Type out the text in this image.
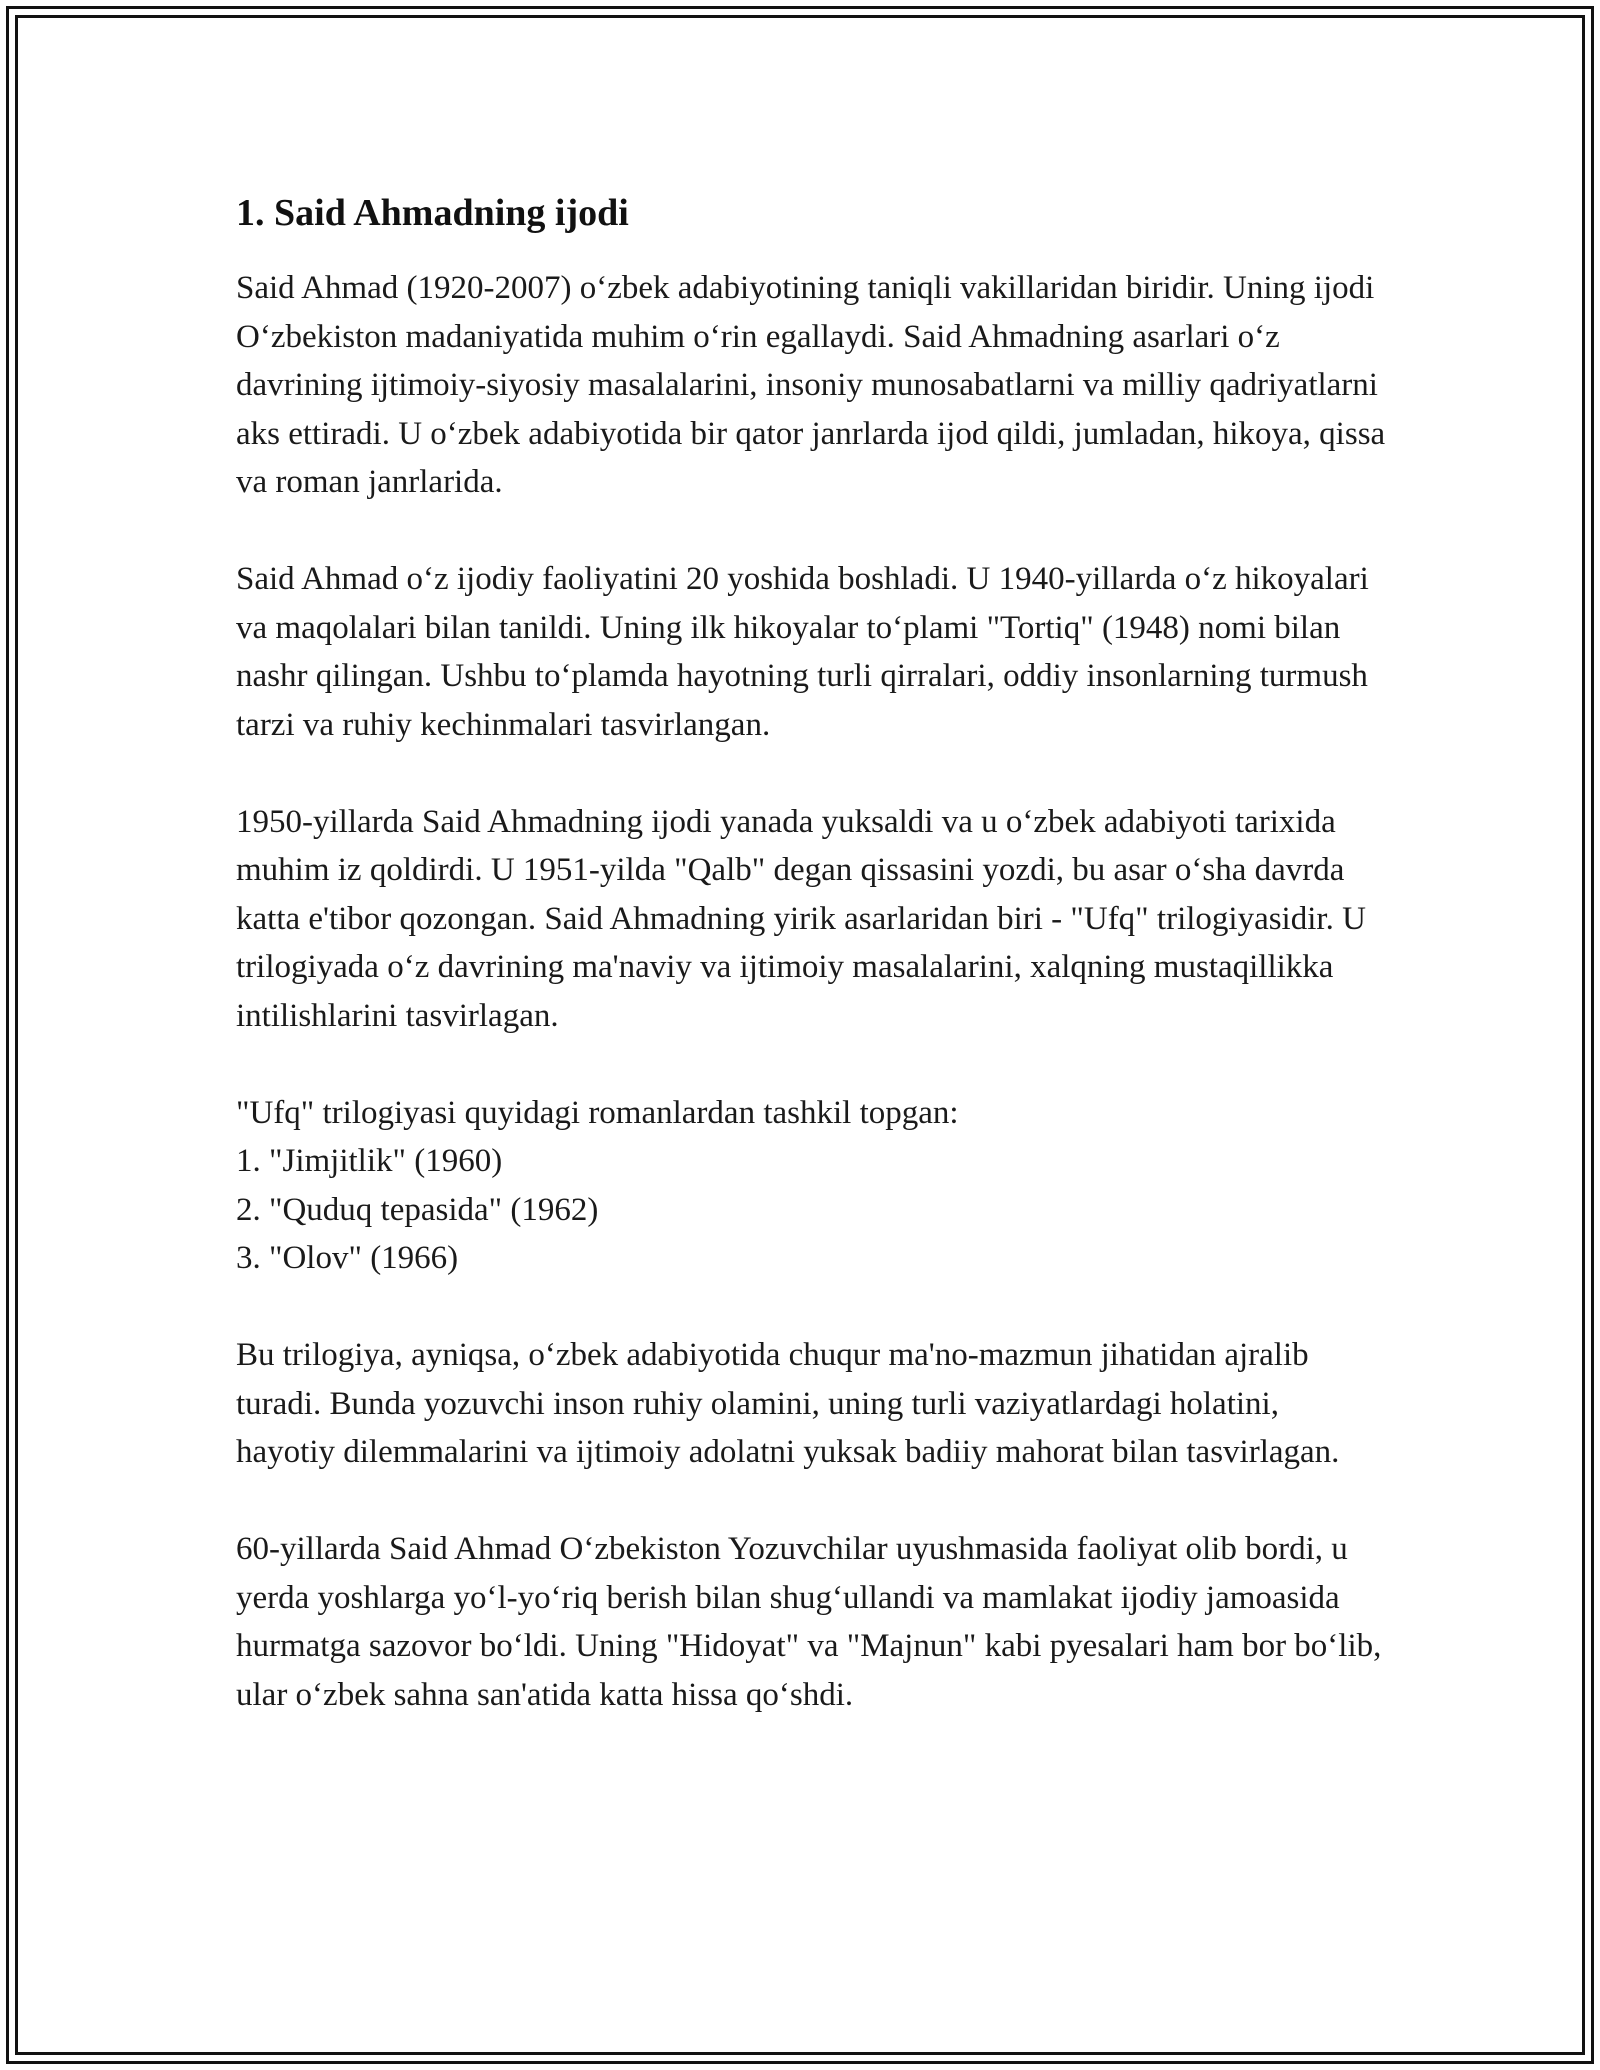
1. Said Ahmadning ijodi

Said Ahmad (1920-2007) o‘zbek adabiyotining taniqli vakillaridan biridir. Uning ijodi O‘zbekiston madaniyatida muhim o‘rin egallaydi. Said Ahmadning asarlari o‘z davrining ijtimoiy-siyosiy masalalarini, insoniy munosabatlarni va milliy qadriyatlarni aks ettiradi. U o‘zbek adabiyotida bir qator janrlarda ijod qildi, jumladan, hikoya, qissa va roman janrlarida.

Said Ahmad o‘z ijodiy faoliyatini 20 yoshida boshladi. U 1940-yillarda o‘z hikoyalari va maqolalari bilan tanildi. Uning ilk hikoyalar to‘plami "Tortiq" (1948) nomi bilan nashr qilingan. Ushbu to‘plamda hayotning turli qirralari, oddiy insonlarning turmush tarzi va ruhiy kechinmalari tasvirlangan.

1950-yillarda Said Ahmadning ijodi yanada yuksaldi va u o‘zbek adabiyoti tarixida muhim iz qoldirdi. U 1951-yilda "Qalb" degan qissasini yozdi, bu asar o‘sha davrda katta e'tibor qozongan. Said Ahmadning yirik asarlaridan biri - "Ufq" trilogiyasidir. U trilogiyada o‘z davrining ma'naviy va ijtimoiy masalalarini, xalqning mustaqillikka intilishlarini tasvirlagan.

"Ufq" trilogiyasi quyidagi romanlardan tashkil topgan:

1. "Jimjitlik" (1960)
2. "Quduq tepasida" (1962)
3. "Olov" (1966)

Bu trilogiya, ayniqsa, o‘zbek adabiyotida chuqur ma'no-mazmun jihatidan ajralib turadi. Bunda yozuvchi inson ruhiy olamini, uning turli vaziyatlardagi holatini, hayotiy dilemmalarini va ijtimoiy adolatni yuksak badiiy mahorat bilan tasvirlagan.

60-yillarda Said Ahmad O‘zbekiston Yozuvchilar uyushmasida faoliyat olib bordi, u yerda yoshlarga yo‘l-yo‘riq berish bilan shug‘ullandi va mamlakat ijodiy jamoasida hurmatga sazovor bo‘ldi. Uning "Hidoyat" va "Majnun" kabi pyesalari ham bor bo‘lib, ular o‘zbek sahna san'atida katta hissa qo‘shdi.
